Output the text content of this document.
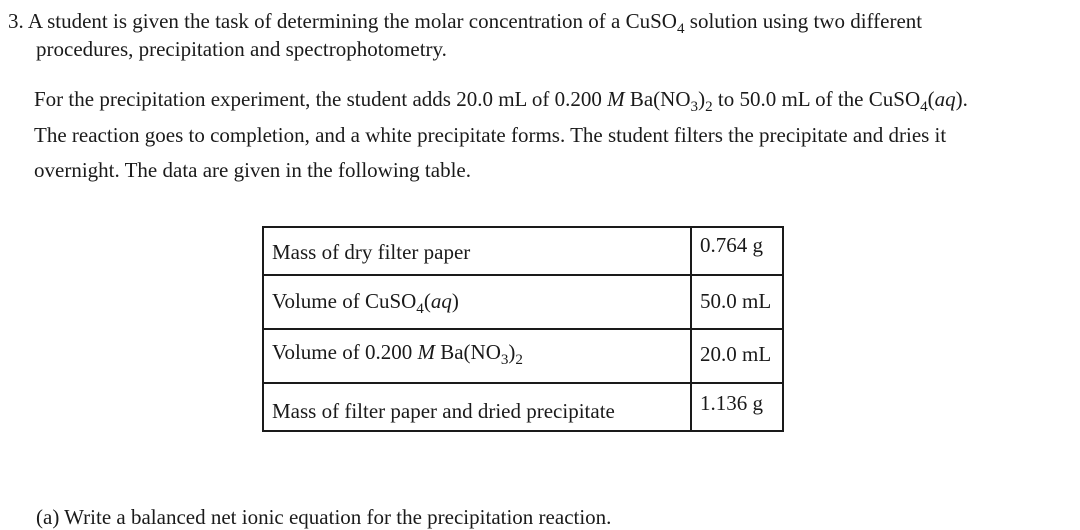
3. A student is given the task of determining the molar concentration of a CuSO$_4$ solution using two different
procedures, precipitation and spectrophotometry.
For the precipitation experiment, the student adds 20.0 mL of 0.200 M $Ba(NO_3)_2$ to 50.0 mL of the CuSO$_4$(aq).
The reaction goes to completion, and a white precipitate forms. The student filters the precipitate and dries it
overnight. The data are given in the following table.
Mass of dry filter paper	0.764 g
Volume of CuSO$_4$(aq)	50.0 mL
Volume of 0.200 M $Ba(NO_3)_2$	20.0 mL
Mass of filter paper and dried precipitate	1.136 g
(a) Write a balanced net ionic equation for the precipitation reaction.
